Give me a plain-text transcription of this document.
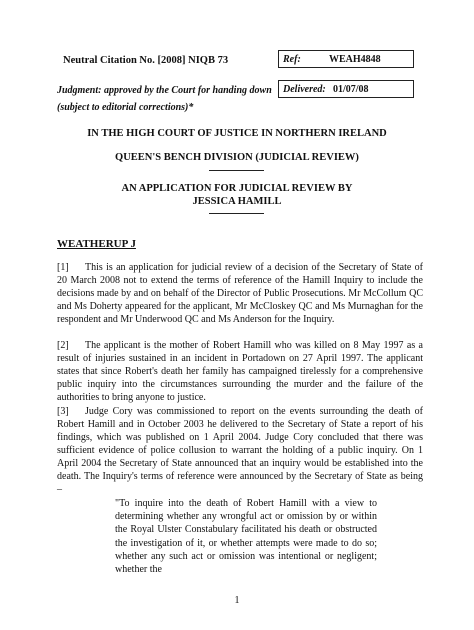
Neutral Citation No. [2008] NIQB 73
Judgment: approved by the Court for handing down (subject to editorial corrections)*
Ref:	WEAH4848
Delivered: 01/07/08
IN THE HIGH COURT OF JUSTICE IN NORTHERN IRELAND
QUEEN'S BENCH DIVISION (JUDICIAL REVIEW)
AN APPLICATION FOR JUDICIAL REVIEW BY
JESSICA HAMILL
WEATHERUP J
[1] This is an application for judicial review of a decision of the Secretary of State of 20 March 2008 not to extend the terms of reference of the Hamill Inquiry to include the decisions made by and on behalf of the Director of Public Prosecutions. Mr McCollum QC and Ms Doherty appeared for the applicant, Mr McCloskey QC and Ms Murnaghan for the respondent and Mr Underwood QC and Ms Anderson for the Inquiry.
[2] The applicant is the mother of Robert Hamill who was killed on 8 May 1997 as a result of injuries sustained in an incident in Portadown on 27 April 1997. The applicant states that since Robert's death her family has campaigned tirelessly for a comprehensive public inquiry into the circumstances surrounding the murder and the failure of the authorities to bring anyone to justice.
[3] Judge Cory was commissioned to report on the events surrounding the death of Robert Hamill and in October 2003 he delivered to the Secretary of State a report of his findings, which was published on 1 April 2004. Judge Cory concluded that there was sufficient evidence of police collusion to warrant the holding of a public inquiry. On 1 April 2004 the Secretary of State announced that an inquiry would be established into the death. The Inquiry's terms of reference were announced by the Secretary of State as being –
"To inquire into the death of Robert Hamill with a view to determining whether any wrongful act or omission by or within the Royal Ulster Constabulary facilitated his death or obstructed the investigation of it, or whether attempts were made to do so; whether any such act or omission was intentional or negligent; whether the
1
